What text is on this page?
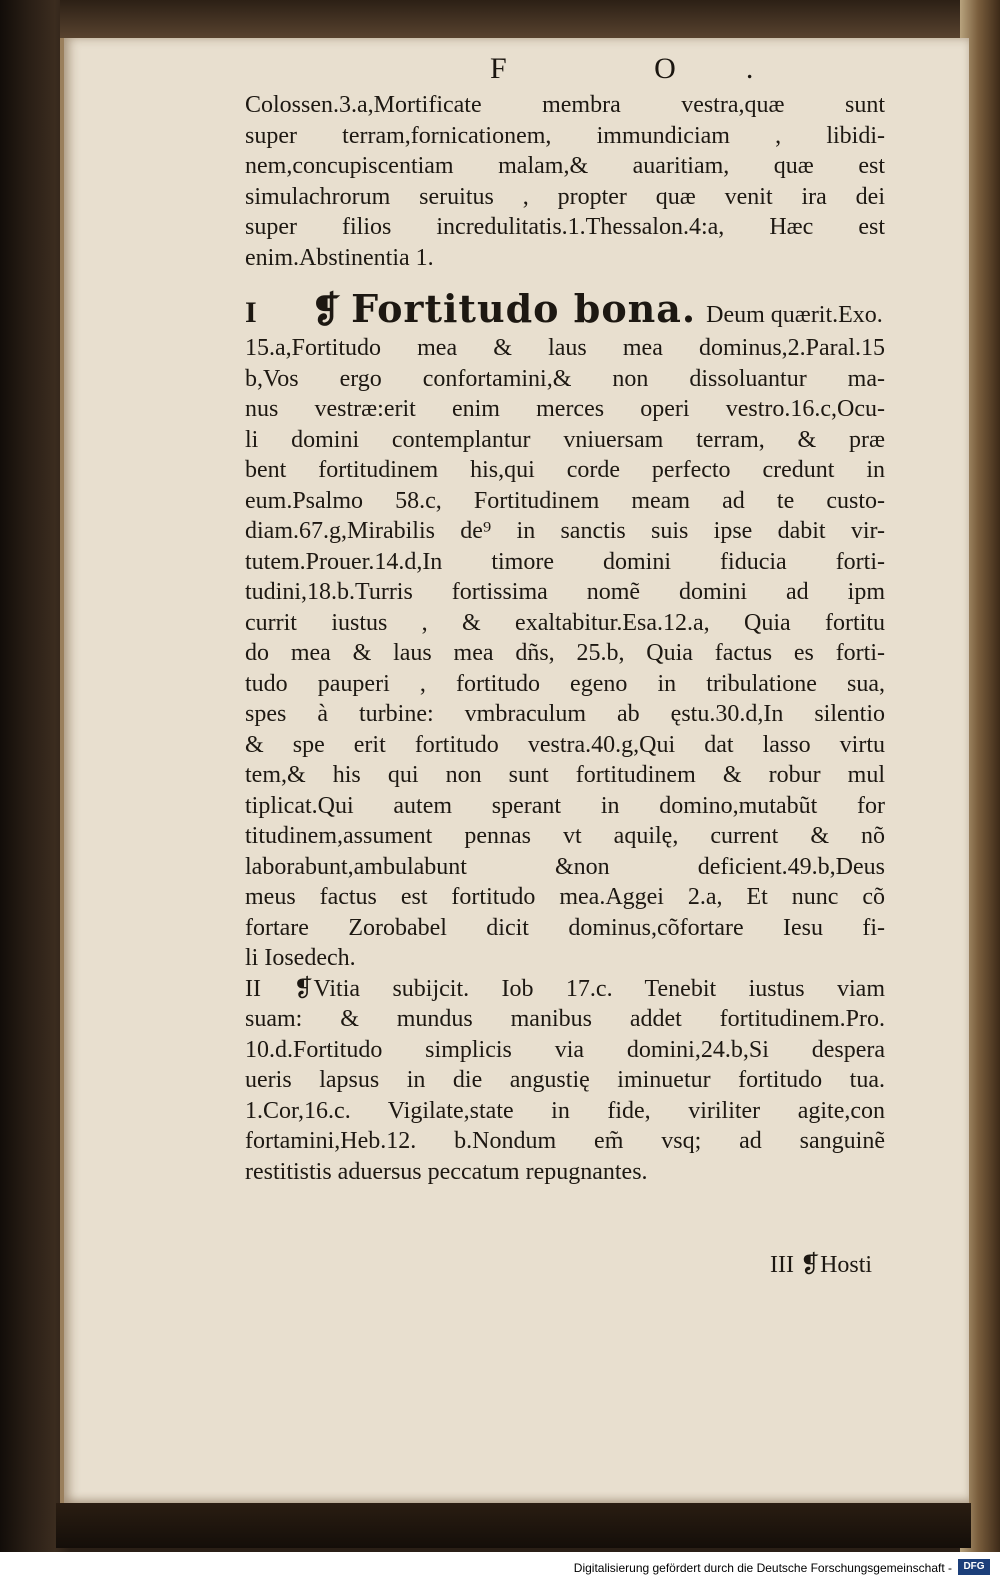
F O.
Colossen.3.a,Mortificate membra vestra,quæ sunt
super terram,fornicationem, immundiciam , libidi-
nem,concupiscentiam malam,& auaritiam, quæ est
simulachrorum seruitus , propter quæ venit ira dei
super filios incredulitatis.1.Thessalon.4:a, Hæc est
enim.Abstinentia 1.
I ❡ Fortitudo bona. Deum quærit.Exo.
15.a,Fortitudo mea & laus mea dominus,2.Paral.15
b,Vos ergo confortamini,& non dissoluantur ma-
nus vestræ:erit enim merces operi vestro.16.c,Ocu-
li domini contemplantur vniuersam terram, & præ
bent fortitudinem his,qui corde perfecto credunt in
eum.Psalmo 58.c, Fortitudinem meam ad te custo-
diam.67.g,Mirabilis de⁹ in sanctis suis ipse dabit vir-
tutem.Prouer.14.d,In timore domini fiducia forti-
tudini,18.b.Turris fortissima nomẽ domini ad ipm
currit iustus , & exaltabitur.Esa.12.a, Quia fortitu
do mea & laus mea dñs, 25.b, Quia factus es forti-
tudo pauperi , fortitudo egeno in tribulatione sua,
spes à turbine: vmbraculum ab ęstu.30.d,In silentio
& spe erit fortitudo vestra.40.g,Qui dat lasso virtu
tem,& his qui non sunt fortitudinem & robur mul
tiplicat.Qui autem sperant in domino,mutabũt for
titudinem,assument pennas vt aquilę, current & nõ
laborabunt,ambulabunt &non deficient.49.b,Deus
meus factus est fortitudo mea.Aggei 2.a, Et nunc cõ
fortare Zorobabel dicit dominus,cõfortare Iesu fi-
li Iosedech.
II ❡Vitia subijcit. Iob 17.c. Tenebit iustus viam
suam: & mundus manibus addet fortitudinem.Pro.
10.d.Fortitudo simplicis via domini,24.b,Si despera
ueris lapsus in die angustię iminuetur fortitudo tua.
1.Cor,16.c. Vigilate,state in fide, viriliter agite,con
fortamini,Heb.12. b.Nondum em̃ vsq; ad sanguinẽ
restitistis aduersus peccatum repugnantes.
III ❡Hosti
Digitalisierung gefördert durch die Deutsche Forschungsgemeinschaft -	DFG
